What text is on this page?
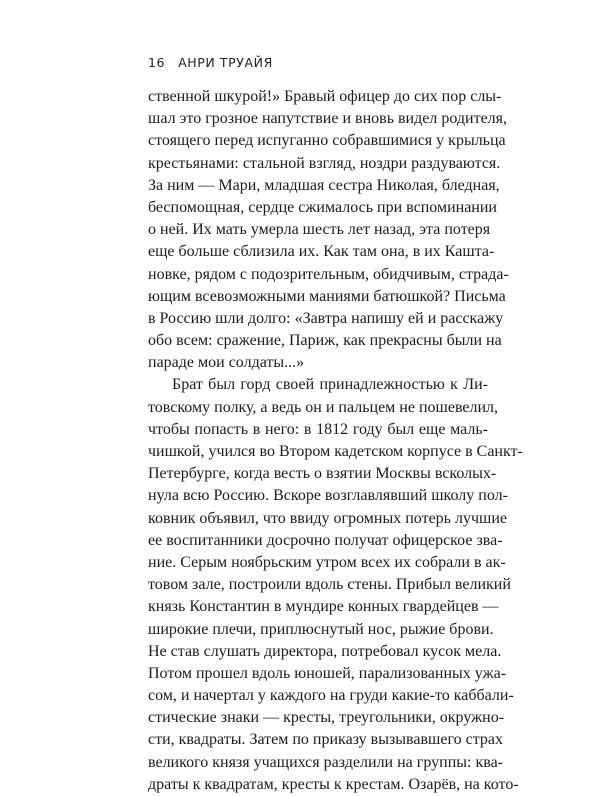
16 АНРИ ТРУАЙЯ
ственной шкурой!» Бравый офицер до сих пор слы-
шал это грозное напутствие и вновь видел родителя,
стоящего перед испуганно собравшимися у крыльца
крестьянами: стальной взгляд, ноздри раздуваются.
За ним — Мари, младшая сестра Николая, бледная,
беспомощная, сердце сжималось при вспоминании
о ней. Их мать умерла шесть лет назад, эта потеря
еще больше сблизила их. Как там она, в их Кашта-
новке, рядом с подозрительным, обидчивым, страда-
ющим всевозможными маниями батюшкой? Письма
в Россию шли долго: «Завтра напишу ей и расскажу
обо всем: сражение, Париж, как прекрасны были на
параде мои солдаты...»
Брат был горд своей принадлежностью к Ли-
товскому полку, а ведь он и пальцем не пошевелил,
чтобы попасть в него: в 1812 году был еще маль-
чишкой, учился во Втором кадетском корпусе в Санкт-
Петербурге, когда весть о взятии Москвы всколых-
нула всю Россию. Вскоре возглавлявший школу пол-
ковник объявил, что ввиду огромных потерь лучшие
ее воспитанники досрочно получат офицерское зва-
ние. Серым ноябрьским утром всех их собрали в ак-
товом зале, построили вдоль стены. Прибыл великий
князь Константин в мундире конных гвардейцев —
широкие плечи, приплюснутый нос, рыжие брови.
Не став слушать директора, потребовал кусок мела.
Потом прошел вдоль юношей, парализованных ужа-
сом, и начертал у каждого на груди какие-то каббали-
стические знаки — кресты, треугольники, окружно-
сти, квадраты. Затем по приказу вызывавшего страх
великого князя учащихся разделили на группы: ква-
драты к квадратам, кресты к крестам. Озарёв, на кото-
